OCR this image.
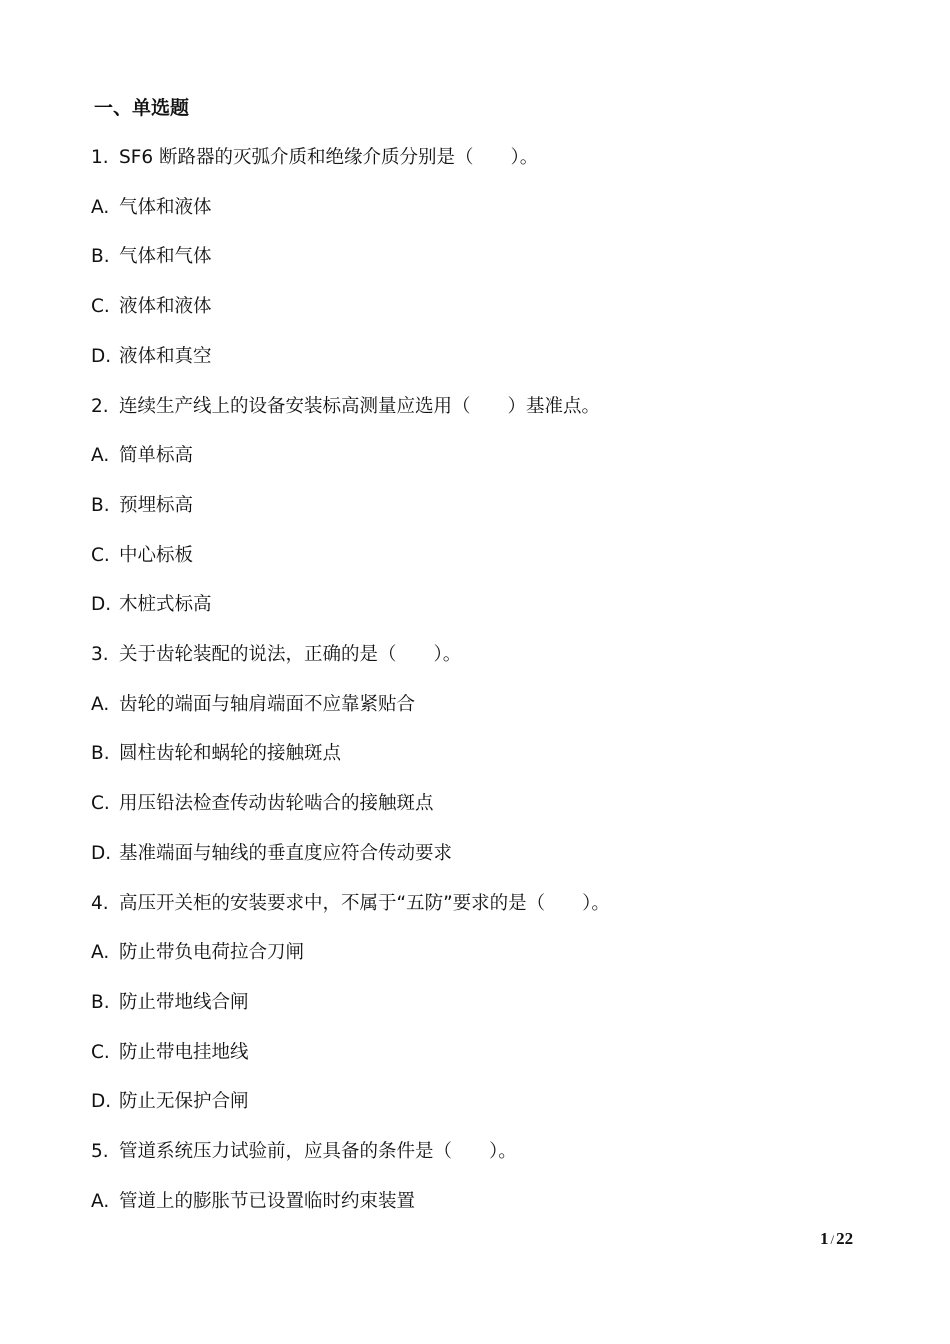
一、单选题
1. SF6 断路器的灭弧介质和绝缘介质分别是（　　）。
A. 气体和液体
B. 气体和气体
C. 液体和液体
D. 液体和真空
2. 连续生产线上的设备安装标高测量应选用（　　）基准点。
A. 简单标高
B. 预埋标高
C. 中心标板
D. 木桩式标高
3. 关于齿轮装配的说法，正确的是（　　）。
A. 齿轮的端面与轴肩端面不应靠紧贴合
B. 圆柱齿轮和蜗轮的接触斑点
C. 用压铅法检查传动齿轮啮合的接触斑点
D. 基准端面与轴线的垂直度应符合传动要求
4. 高压开关柜的安装要求中，不属于“五防”要求的是（　　）。
A. 防止带负电荷拉合刀闸
B. 防止带地线合闸
C. 防止带电挂地线
D. 防止无保护合闸
5. 管道系统压力试验前，应具备的条件是（　　）。
A. 管道上的膨胀节已设置临时约束装置
1 / 22
